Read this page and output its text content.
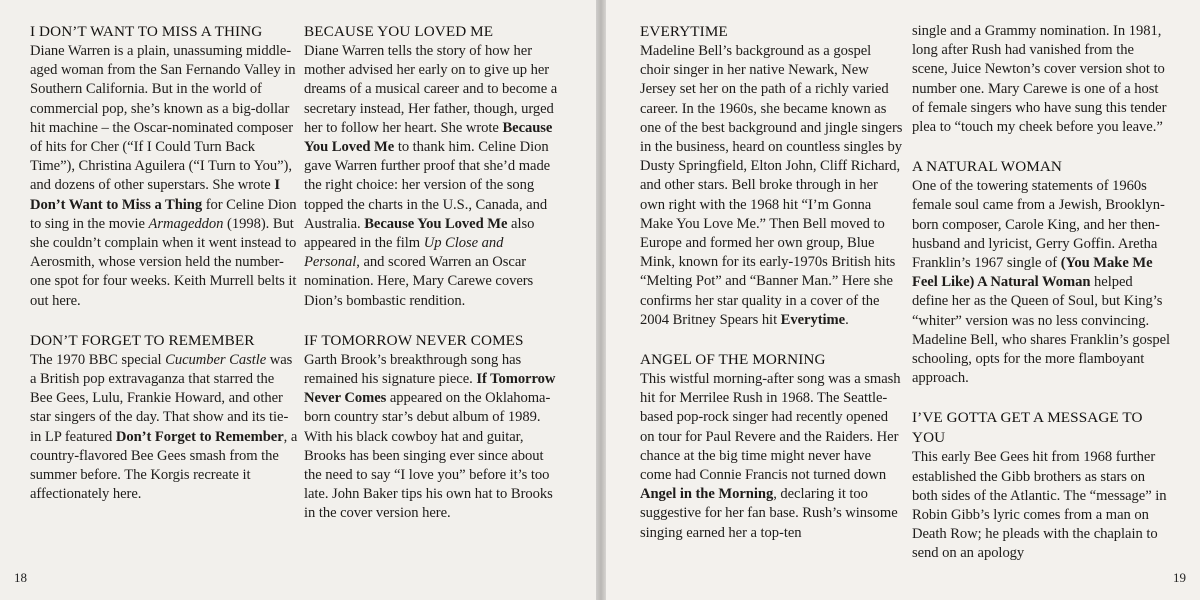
I DON’T WANT TO MISS A THING

Diane Warren is a plain, unassuming middle-aged woman from the San Fernando Valley in Southern California. But in the world of commercial pop, she’s known as a big-dollar hit machine – the Oscar-nominated composer of hits for Cher (“If I Could Turn Back Time”), Christina Aguilera (“I Turn to You”), and dozens of other superstars. She wrote I Don’t Want to Miss a Thing for Celine Dion to sing in the movie Armageddon (1998). But she couldn’t complain when it went instead to Aerosmith, whose version held the number-one spot for four weeks. Keith Murrell belts it out here.

DON’T FORGET TO REMEMBER

The 1970 BBC special Cucumber Castle was a British pop extravaganza that starred the Bee Gees, Lulu, Frankie Howard, and other star singers of the day. That show and its tie-in LP featured Don’t Forget to Remember, a country-flavored Bee Gees smash from the summer before. The Korgis recreate it affectionately here.

BECAUSE YOU LOVED ME

Diane Warren tells the story of how her mother advised her early on to give up her dreams of a musical career and to become a secretary instead, Her father, though, urged her to follow her heart. She wrote Because You Loved Me to thank him. Celine Dion gave Warren further proof that she’d made the right choice: her version of the song topped the charts in the U.S., Canada, and Australia. Because You Loved Me also appeared in the film Up Close and Personal, and scored Warren an Oscar nomination. Here, Mary Carewe covers Dion’s bombastic rendition.

IF TOMORROW NEVER COMES

Garth Brook’s breakthrough song has remained his signature piece. If Tomorrow Never Comes appeared on the Oklahoma-born country star’s debut album of 1989. With his black cowboy hat and guitar, Brooks has been singing ever since about the need to say “I love you” before it’s too late. John Baker tips his own hat to Brooks in the cover version here.

18
EVERYTIME

Madeline Bell’s background as a gospel choir singer in her native Newark, New Jersey set her on the path of a richly varied career. In the 1960s, she became known as one of the best background and jingle singers in the business, heard on countless singles by Dusty Springfield, Elton John, Cliff Richard, and other stars. Bell broke through in her own right with the 1968 hit “I’m Gonna Make You Love Me.” Then Bell moved to Europe and formed her own group, Blue Mink, known for its early-1970s British hits “Melting Pot” and “Banner Man.” Here she confirms her star quality in a cover of the 2004 Britney Spears hit Everytime.

ANGEL OF THE MORNING

This wistful morning-after song was a smash hit for Merrilee Rush in 1968. The Seattle-based pop-rock singer had recently opened on tour for Paul Revere and the Raiders. Her chance at the big time might never have come had Connie Francis not turned down Angel in the Morning, declaring it too suggestive for her fan base. Rush’s winsome singing earned her a top-ten

single and a Grammy nomination. In 1981, long after Rush had vanished from the scene, Juice Newton’s cover version shot to number one. Mary Carewe is one of a host of female singers who have sung this tender plea to “touch my cheek before you leave.”

A NATURAL WOMAN

One of the towering statements of 1960s female soul came from a Jewish, Brooklyn-born composer, Carole King, and her then-husband and lyricist, Gerry Goffin. Aretha Franklin’s 1967 single of (You Make Me Feel Like) A Natural Woman helped define her as the Queen of Soul, but King’s “whiter” version was no less convincing. Madeline Bell, who shares Franklin’s gospel schooling, opts for the more flamboyant approach.

I’VE GOTTA GET A MESSAGE TO YOU

This early Bee Gees hit from 1968 further established the Gibb brothers as stars on both sides of the Atlantic. The “message” in Robin Gibb’s lyric comes from a man on Death Row; he pleads with the chaplain to send on an apology

19
